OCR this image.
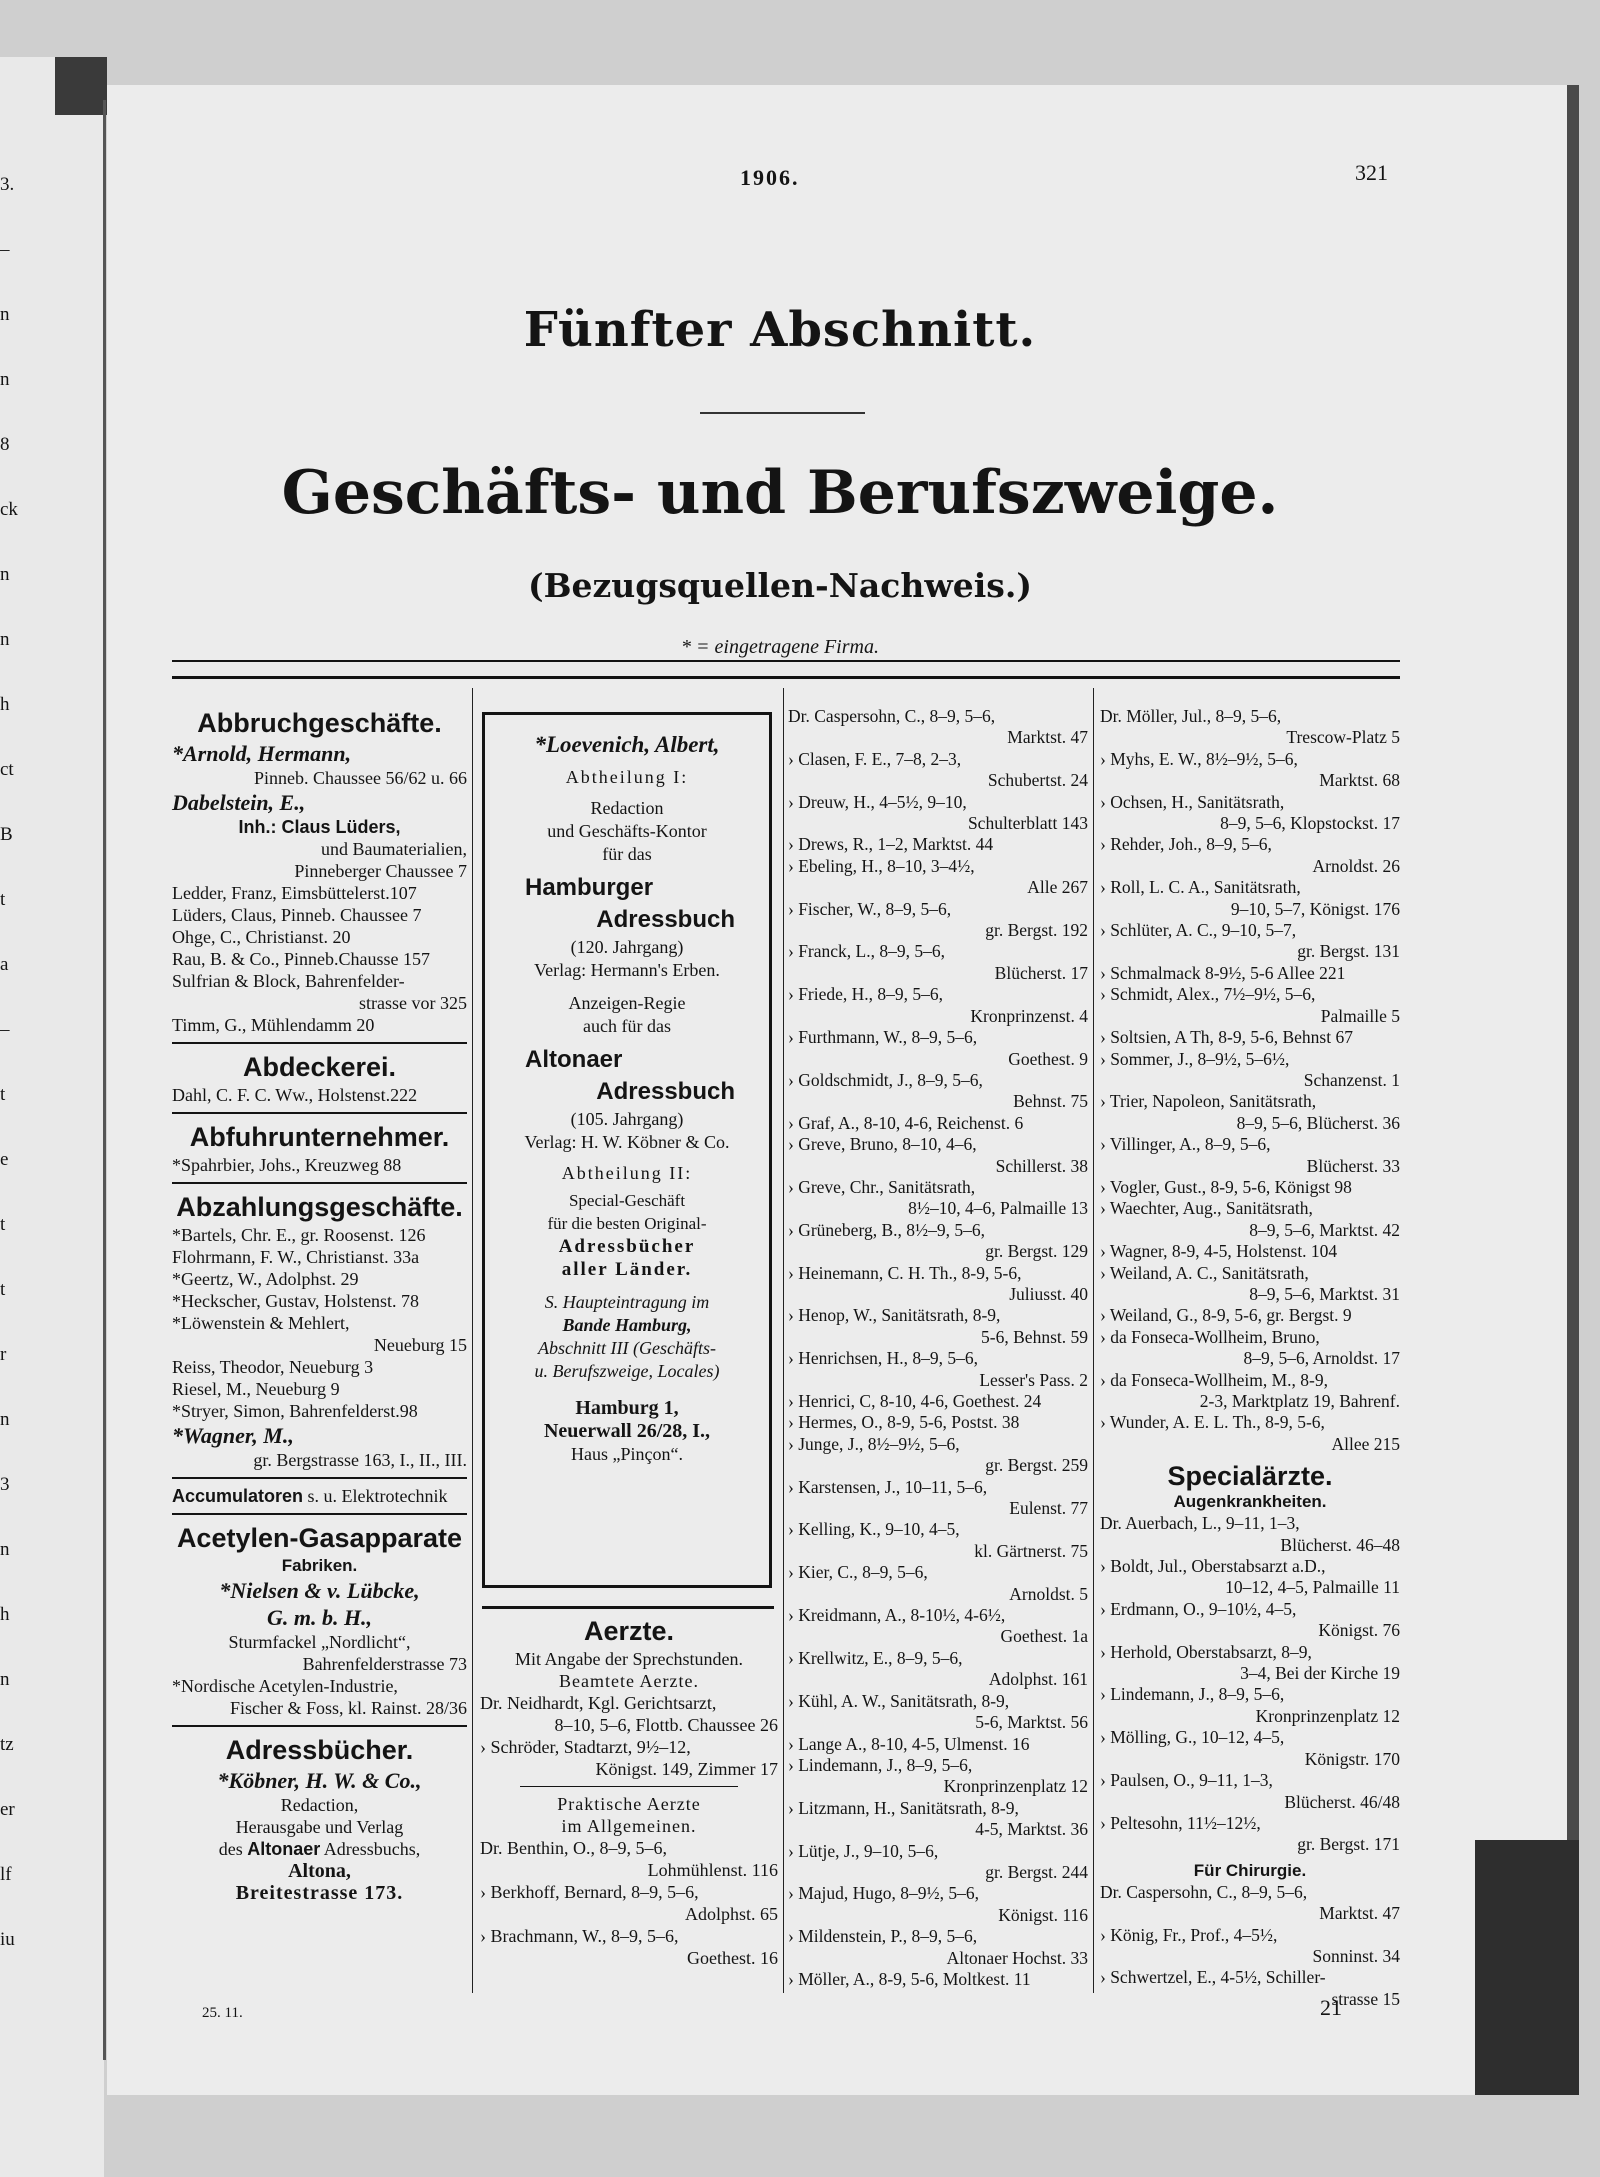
3.
–
n
n
8
ck
n
n
h
ct
B
t
a
–
t
e
t
t
r
n
3
n
h
n
tz
er
lf
iu
1906.	321
Fünfter Abschnitt.
Geschäfts- und Berufszweige.
(Bezugsquellen-Nachweis.)
* = eingetragene Firma.
Abbruchgeschäfte.
*Arnold, Hermann,
Pinneb. Chaussee 56/62 u. 66
Dabelstein, E.,
Inh.: Claus Lüders,
und Baumaterialien,
Pinneberger Chaussee 7
Ledder, Franz, Eimsbüttelerst.107
Lüders, Claus, Pinneb. Chaussee 7
Ohge, C., Christianst. 20
Rau, B. & Co., Pinneb.Chausse 157
Sulfrian & Block, Bahrenfelder-
strasse vor 325
Timm, G., Mühlendamm 20
Abdeckerei.
Dahl, C. F. C. Ww., Holstenst.222
Abfuhrunternehmer.
*Spahrbier, Johs., Kreuzweg 88
Abzahlungsgeschäfte.
*Bartels, Chr. E., gr. Roosenst. 126
Flohrmann, F. W., Christianst. 33a
*Geertz, W., Adolphst. 29
*Heckscher, Gustav, Holstenst. 78
*Löwenstein & Mehlert,
Neueburg 15
Reiss, Theodor, Neueburg 3
Riesel, M., Neueburg 9
*Stryer, Simon, Bahrenfelderst.98
*Wagner, M.,
gr. Bergstrasse 163, I., II., III.
Accumulatoren s. u. Elektrotechnik
Acetylen-Gasapparate
Fabriken.
*Nielsen & v. Lübcke,
G. m. b. H.,
Sturmfackel „Nordlicht“,
Bahrenfelderstrasse 73
*Nordische Acetylen-Industrie,
Fischer & Foss, kl. Rainst. 28/36
Adressbücher.
*Köbner, H. W. & Co.,
Redaction,
Herausgabe und Verlag
des Altonaer Adressbuchs,
Altona,
Breitestrasse 173.
*Loevenich, Albert,
Abtheilung I:
Redaction
und Geschäfts-Kontor
für das
Hamburger
Adressbuch
(120. Jahrgang)
Verlag: Hermann's Erben.
Anzeigen-Regie
auch für das
Altonaer
Adressbuch
(105. Jahrgang)
Verlag: H. W. Köbner & Co.
Abtheilung II:
Special-Geschäft
für die besten Original-
Adressbücher
aller Länder.
S. Haupteintragung im
Bande Hamburg,
Abschnitt III (Geschäfts-
u. Berufszweige, Locales)
Hamburg 1,
Neuerwall 26/28, I.,
Haus „Pinçon“.
Aerzte.
Mit Angabe der Sprechstunden.
Beamtete Aerzte.
Dr. Neidhardt, Kgl. Gerichtsarzt,
8–10, 5–6, Flottb. Chaussee 26
› Schröder, Stadtarzt, 9½–12,
Königst. 149, Zimmer 17
Praktische Aerzte
im Allgemeinen.
Dr. Benthin, O., 8–9, 5–6,
Lohmühlenst. 116
› Berkhoff, Bernard, 8–9, 5–6,
Adolphst. 65
› Brachmann, W., 8–9, 5–6,
Goethest. 16
Dr. Caspersohn, C., 8–9, 5–6,
Marktst. 47
› Clasen, F. E., 7–8, 2–3,
Schubertst. 24
› Dreuw, H., 4–5½, 9–10,
Schulterblatt 143
› Drews, R., 1–2, Marktst. 44
› Ebeling, H., 8–10, 3–4½,
Alle 267
› Fischer, W., 8–9, 5–6,
gr. Bergst. 192
› Franck, L., 8–9, 5–6,
Blücherst. 17
› Friede, H., 8–9, 5–6,
Kronprinzenst. 4
› Furthmann, W., 8–9, 5–6,
Goethest. 9
› Goldschmidt, J., 8–9, 5–6,
Behnst. 75
› Graf, A., 8-10, 4-6, Reichenst. 6
› Greve, Bruno, 8–10, 4–6,
Schillerst. 38
› Greve, Chr., Sanitätsrath,
8½–10, 4–6, Palmaille 13
› Grüneberg, B., 8½–9, 5–6,
gr. Bergst. 129
› Heinemann, C. H. Th., 8-9, 5-6,
Juliusst. 40
› Henop, W., Sanitätsrath, 8-9,
5-6, Behnst. 59
› Henrichsen, H., 8–9, 5–6,
Lesser's Pass. 2
› Henrici, C, 8-10, 4-6, Goethest. 24
› Hermes, O., 8-9, 5-6, Postst. 38
› Junge, J., 8½–9½, 5–6,
gr. Bergst. 259
› Karstensen, J., 10–11, 5–6,
Eulenst. 77
› Kelling, K., 9–10, 4–5,
kl. Gärtnerst. 75
› Kier, C., 8–9, 5–6,
Arnoldst. 5
› Kreidmann, A., 8-10½, 4-6½,
Goethest. 1a
› Krellwitz, E., 8–9, 5–6,
Adolphst. 161
› Kühl, A. W., Sanitätsrath, 8-9,
5-6, Marktst. 56
› Lange A., 8-10, 4-5, Ulmenst. 16
› Lindemann, J., 8–9, 5–6,
Kronprinzenplatz 12
› Litzmann, H., Sanitätsrath, 8-9,
4-5, Marktst. 36
› Lütje, J., 9–10, 5–6,
gr. Bergst. 244
› Majud, Hugo, 8–9½, 5–6,
Königst. 116
› Mildenstein, P., 8–9, 5–6,
Altonaer Hochst. 33
› Möller, A., 8-9, 5-6, Moltkest. 11
Dr. Möller, Jul., 8–9, 5–6,
Trescow-Platz 5
› Myhs, E. W., 8½–9½, 5–6,
Marktst. 68
› Ochsen, H., Sanitätsrath,
8–9, 5–6, Klopstockst. 17
› Rehder, Joh., 8–9, 5–6,
Arnoldst. 26
› Roll, L. C. A., Sanitätsrath,
9–10, 5–7, Königst. 176
› Schlüter, A. C., 9–10, 5–7,
gr. Bergst. 131
› Schmalmack 8-9½, 5-6 Allee 221
› Schmidt, Alex., 7½–9½, 5–6,
Palmaille 5
› Soltsien, A Th, 8-9, 5-6, Behnst 67
› Sommer, J., 8–9½, 5–6½,
Schanzenst. 1
› Trier, Napoleon, Sanitätsrath,
8–9, 5–6, Blücherst. 36
› Villinger, A., 8–9, 5–6,
Blücherst. 33
› Vogler, Gust., 8-9, 5-6, Königst 98
› Waechter, Aug., Sanitätsrath,
8–9, 5–6, Marktst. 42
› Wagner, 8-9, 4-5, Holstenst. 104
› Weiland, A. C., Sanitätsrath,
8–9, 5–6, Marktst. 31
› Weiland, G., 8-9, 5-6, gr. Bergst. 9
› da Fonseca-Wollheim, Bruno,
8–9, 5–6, Arnoldst. 17
› da Fonseca-Wollheim, M., 8-9,
2-3, Marktplatz 19, Bahrenf.
› Wunder, A. E. L. Th., 8-9, 5-6,
Allee 215
Specialärzte.
Augenkrankheiten.
Dr. Auerbach, L., 9–11, 1–3,
Blücherst. 46–48
› Boldt, Jul., Oberstabsarzt a.D.,
10–12, 4–5, Palmaille 11
› Erdmann, O., 9–10½, 4–5,
Königst. 76
› Herhold, Oberstabsarzt, 8–9,
3–4, Bei der Kirche 19
› Lindemann, J., 8–9, 5–6,
Kronprinzenplatz 12
› Mölling, G., 10–12, 4–5,
Königstr. 170
› Paulsen, O., 9–11, 1–3,
Blücherst. 46/48
› Peltesohn, 11½–12½,
gr. Bergst. 171
Für Chirurgie.
Dr. Caspersohn, C., 8–9, 5–6,
Marktst. 47
› König, Fr., Prof., 4–5½,
Sonninst. 34
› Schwertzel, E., 4-5½, Schiller-
strasse 15
25. 11.	21
